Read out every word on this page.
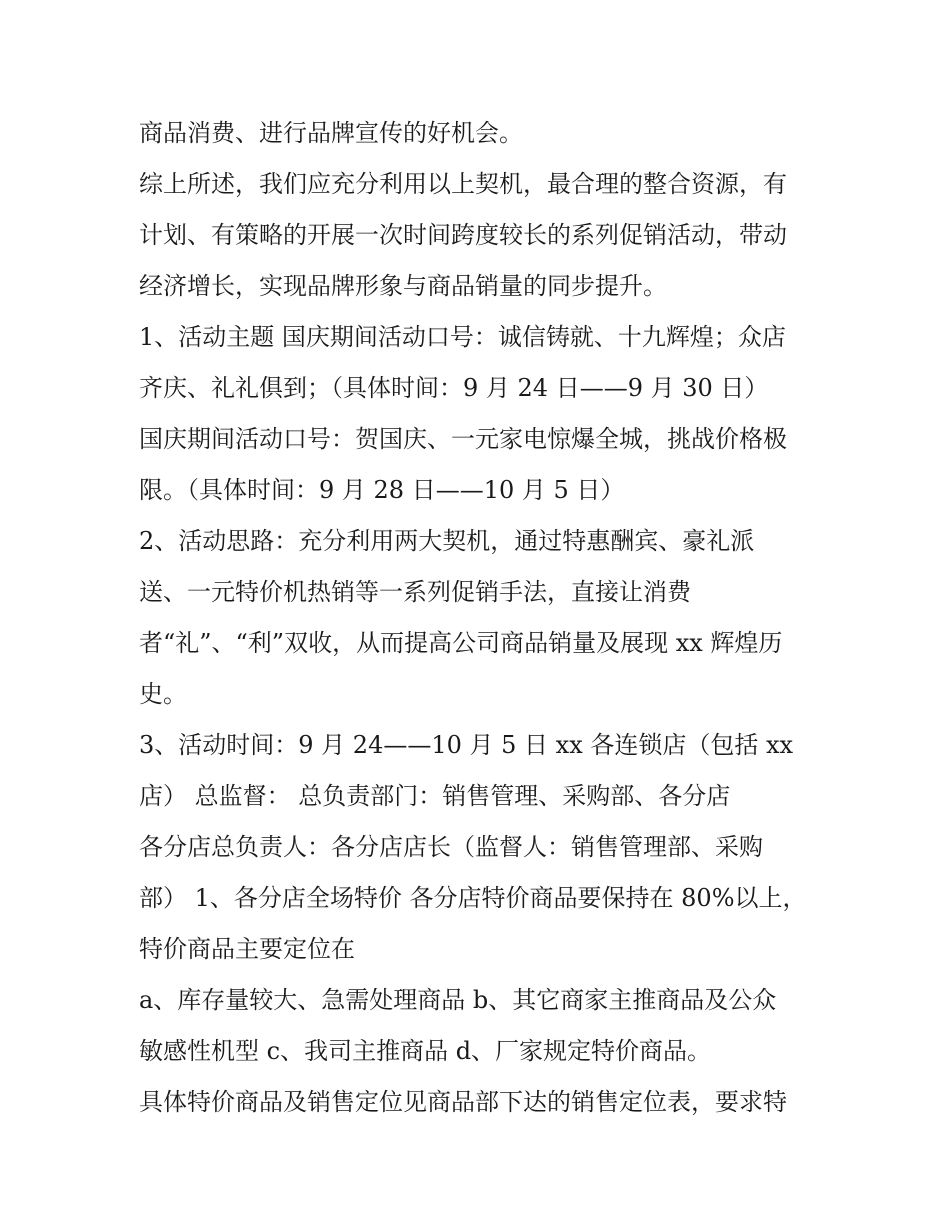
商品消费、进行品牌宣传的好机会。
综上所述，我们应充分利用以上契机，最合理的整合资源，有
计划、有策略的开展一次时间跨度较长的系列促销活动，带动
经济增长，实现品牌形象与商品销量的同步提升。
1、活动主题 国庆期间活动口号：诚信铸就、十九辉煌；众店
齐庆、礼礼俱到；（具体时间：9 月 24 日——9 月 30 日）
国庆期间活动口号：贺国庆、一元家电惊爆全城，挑战价格极
限。（具体时间：9 月 28 日——10 月 5 日）
2、活动思路：充分利用两大契机，通过特惠酬宾、豪礼派
送、一元特价机热销等一系列促销手法，直接让消费
者“礼”、“利”双收，从而提高公司商品销量及展现 xx 辉煌历
史。
3、活动时间：9 月 24——10 月 5 日 xx 各连锁店（包括 xx
店） 总监督： 总负责部门：销售管理、采购部、各分店
各分店总负责人：各分店店长（监督人：销售管理部、采购
部） 1、各分店全场特价 各分店特价商品要保持在 80%以上，
特价商品主要定位在
a、库存量较大、急需处理商品 b、其它商家主推商品及公众
敏感性机型 c、我司主推商品 d、厂家规定特价商品。
具体特价商品及销售定位见商品部下达的销售定位表，要求特
